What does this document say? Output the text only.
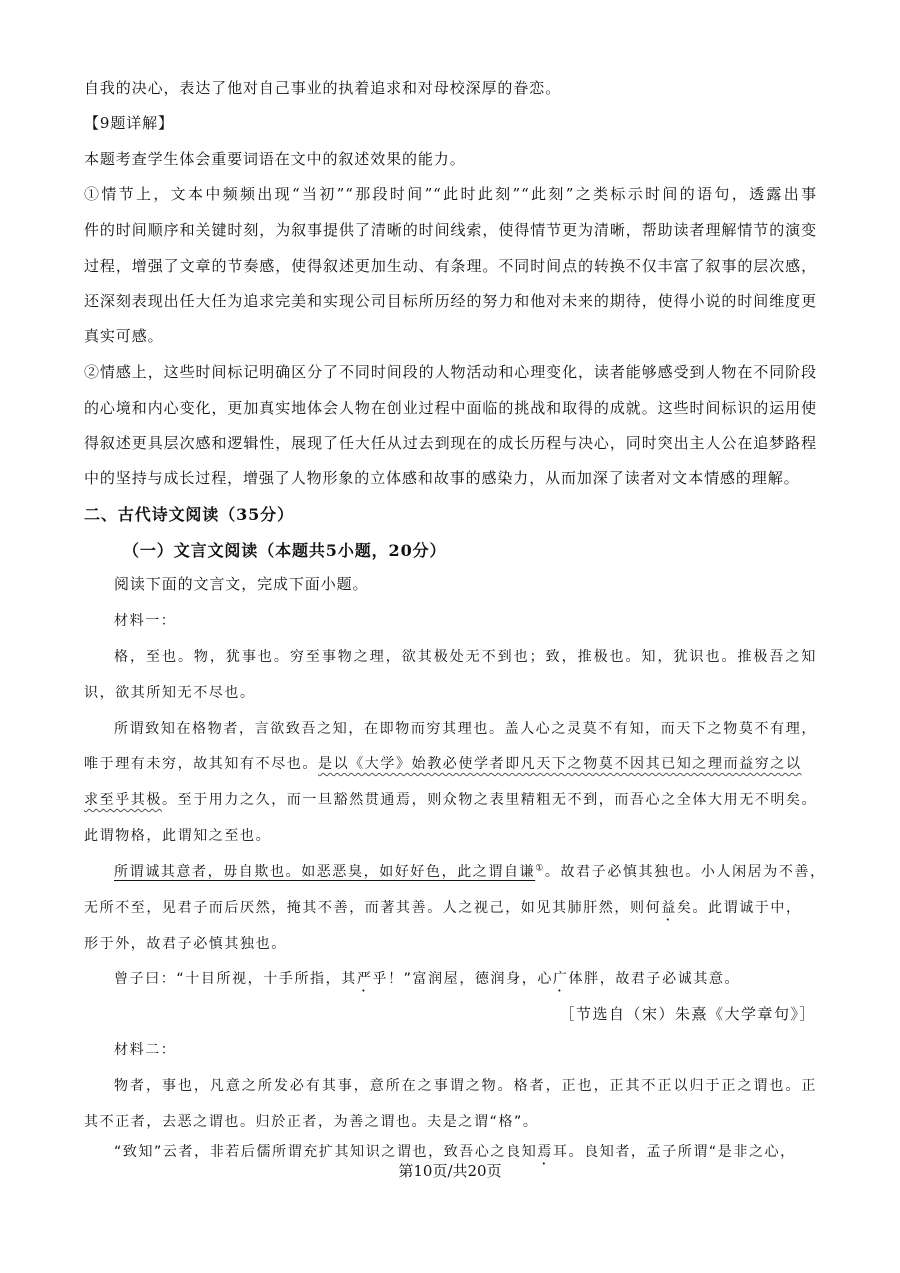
自我的决心，表达了他对自己事业的执着追求和对母校深厚的眷恋。
【9题详解】
本题考查学生体会重要词语在文中的叙述效果的能力。
①情节上，文本中频频出现“当初”“那段时间”“此时此刻”“此刻”之类标示时间的语句，透露出事
件的时间顺序和关键时刻，为叙事提供了清晰的时间线索，使得情节更为清晰，帮助读者理解情节的演变
过程，增强了文章的节奏感，使得叙述更加生动、有条理。不同时间点的转换不仅丰富了叙事的层次感，
还深刻表现出任大任为追求完美和实现公司目标所历经的努力和他对未来的期待，使得小说的时间维度更
真实可感。
②情感上，这些时间标记明确区分了不同时间段的人物活动和心理变化，读者能够感受到人物在不同阶段
的心境和内心变化，更加真实地体会人物在创业过程中面临的挑战和取得的成就。这些时间标识的运用使
得叙述更具层次感和逻辑性，展现了任大任从过去到现在的成长历程与决心，同时突出主人公在追梦路程
中的坚持与成长过程，增强了人物形象的立体感和故事的感染力，从而加深了读者对文本情感的理解。
二、古代诗文阅读（35分）
（一）文言文阅读（本题共5小题，20分）
阅读下面的文言文，完成下面小题。
材料一：
格，至也。物，犹事也。穷至事物之理，欲其极处无不到也；致，推极也。知，犹识也。推极吾之知
识，欲其所知无不尽也。
所谓致知在格物者，言欲致吾之知，在即物而穷其理也。盖人心之灵莫不有知，而天下之物莫不有理，
唯于理有未穷，故其知有不尽也。是以《大学》始教必使学者即凡天下之物莫不因其已知之理而益穷之以
求至乎其极。至于用力之久，而一旦豁然贯通焉，则众物之表里精粗无不到，而吾心之全体大用无不明矣。
此谓物格，此谓知之至也。
所谓诚其意者，毋自欺也。如恶恶臭，如好好色，此之谓自谦①。故君子必慎其独也。小人闲居为不善，
无所不至，见君子而后厌然，掩其不善，而著其善。人之视己，如见其肺肝然，则何益矣。此谓诚于中，
形于外，故君子必慎其独也。
曾子曰：“十目所视，十手所指，其严乎！”富润屋，德润身，心广体胖，故君子必诚其意。
［节选自（宋）朱熹《大学章句》］
材料二：
物者，事也，凡意之所发必有其事，意所在之事谓之物。格者，正也，正其不正以归于正之谓也。正
其不正者，去恶之谓也。归於正者，为善之谓也。夫是之谓“格”。
“致知”云者，非若后儒所谓充扩其知识之谓也，致吾心之良知焉耳。良知者，孟子所谓“是非之心，
第10页/共20页
